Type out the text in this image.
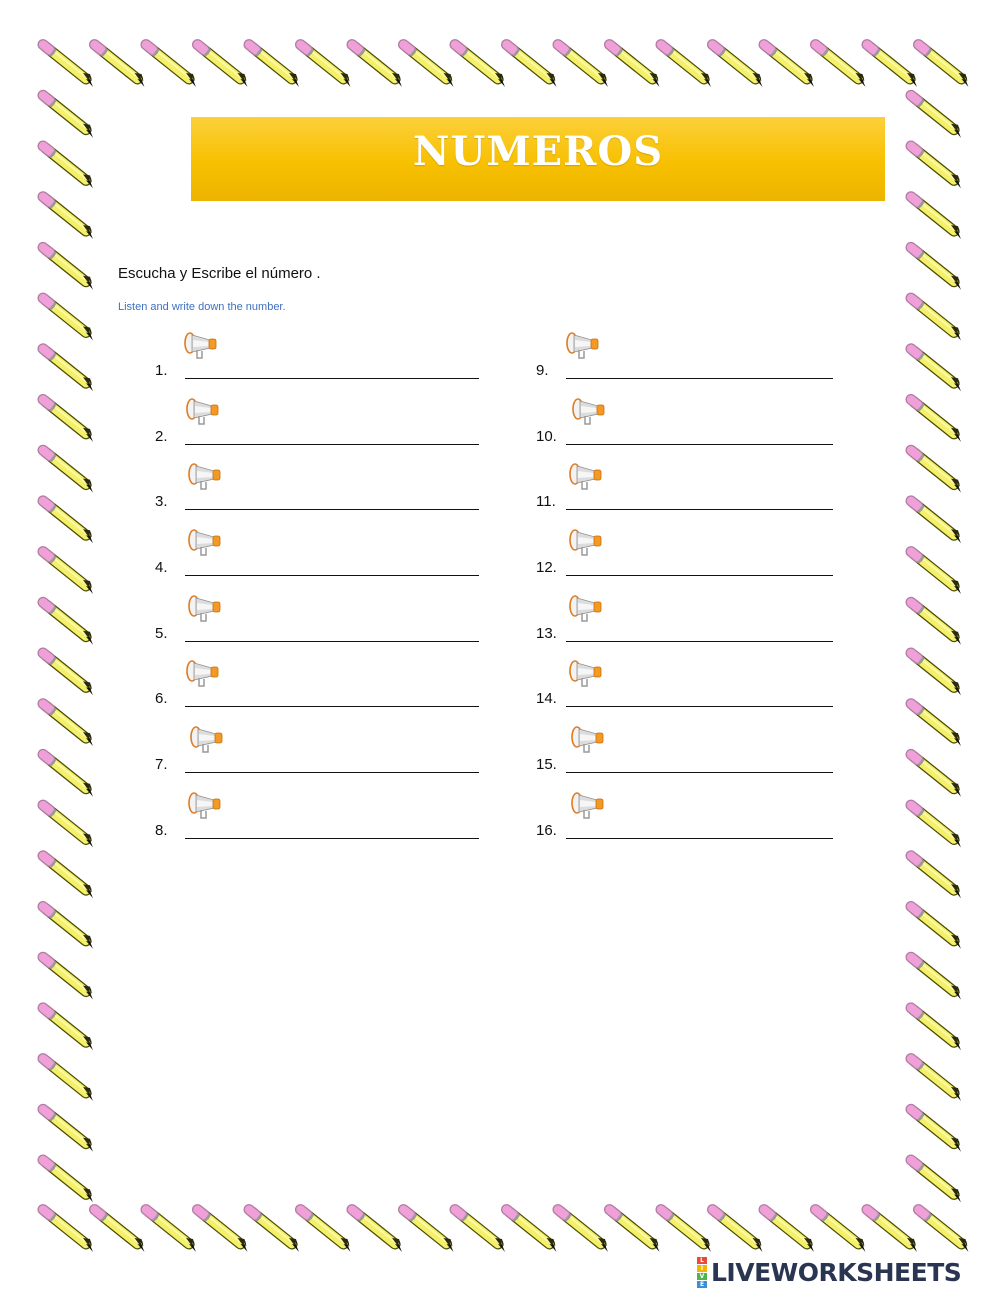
NUMEROS
Escucha y Escribe el número .
Listen and write down the number.
1.
2.
3.
4.
5.
6.
7.
8.
9.
10.
11.
12.
13.
14.
15.
16.
L
I
V
E LIVEWORKSHEETS
